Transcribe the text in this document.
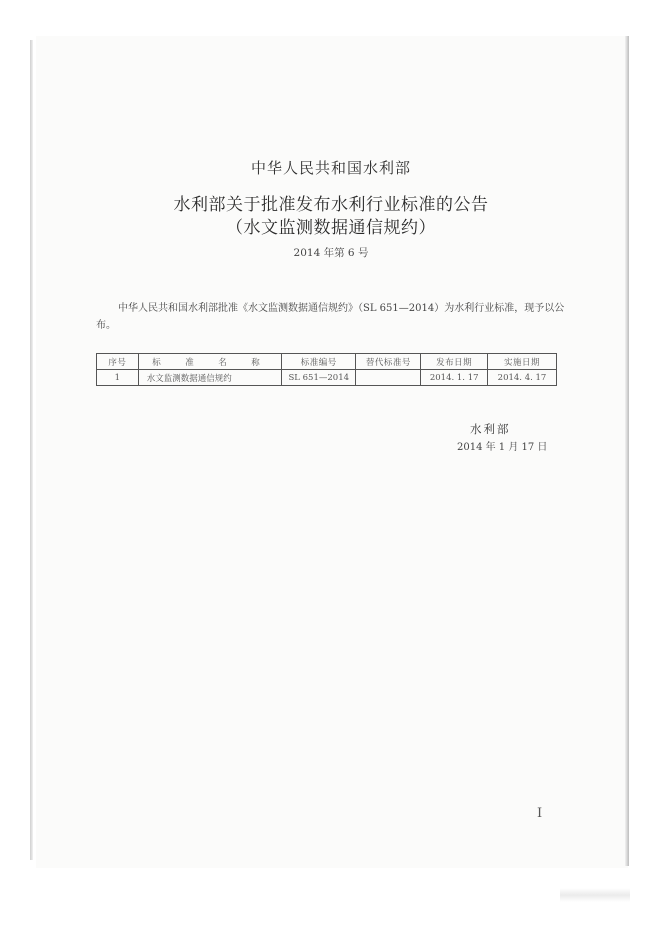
中华人民共和国水利部
水利部关于批准发布水利行业标准的公告
（水文监测数据通信规约）
2014 年第 6 号

中华人民共和国水利部批准《水文监测数据通信规约》（SL 651—2014）为水利行业标准，现予以公布。

序号	标　准　名　称	标准编号	替代标准号	发布日期	实施日期
1	水文监测数据通信规约	SL 651—2014		2014. 1. 17	2014. 4. 17
水利部
2014 年 1 月 17 日
I
